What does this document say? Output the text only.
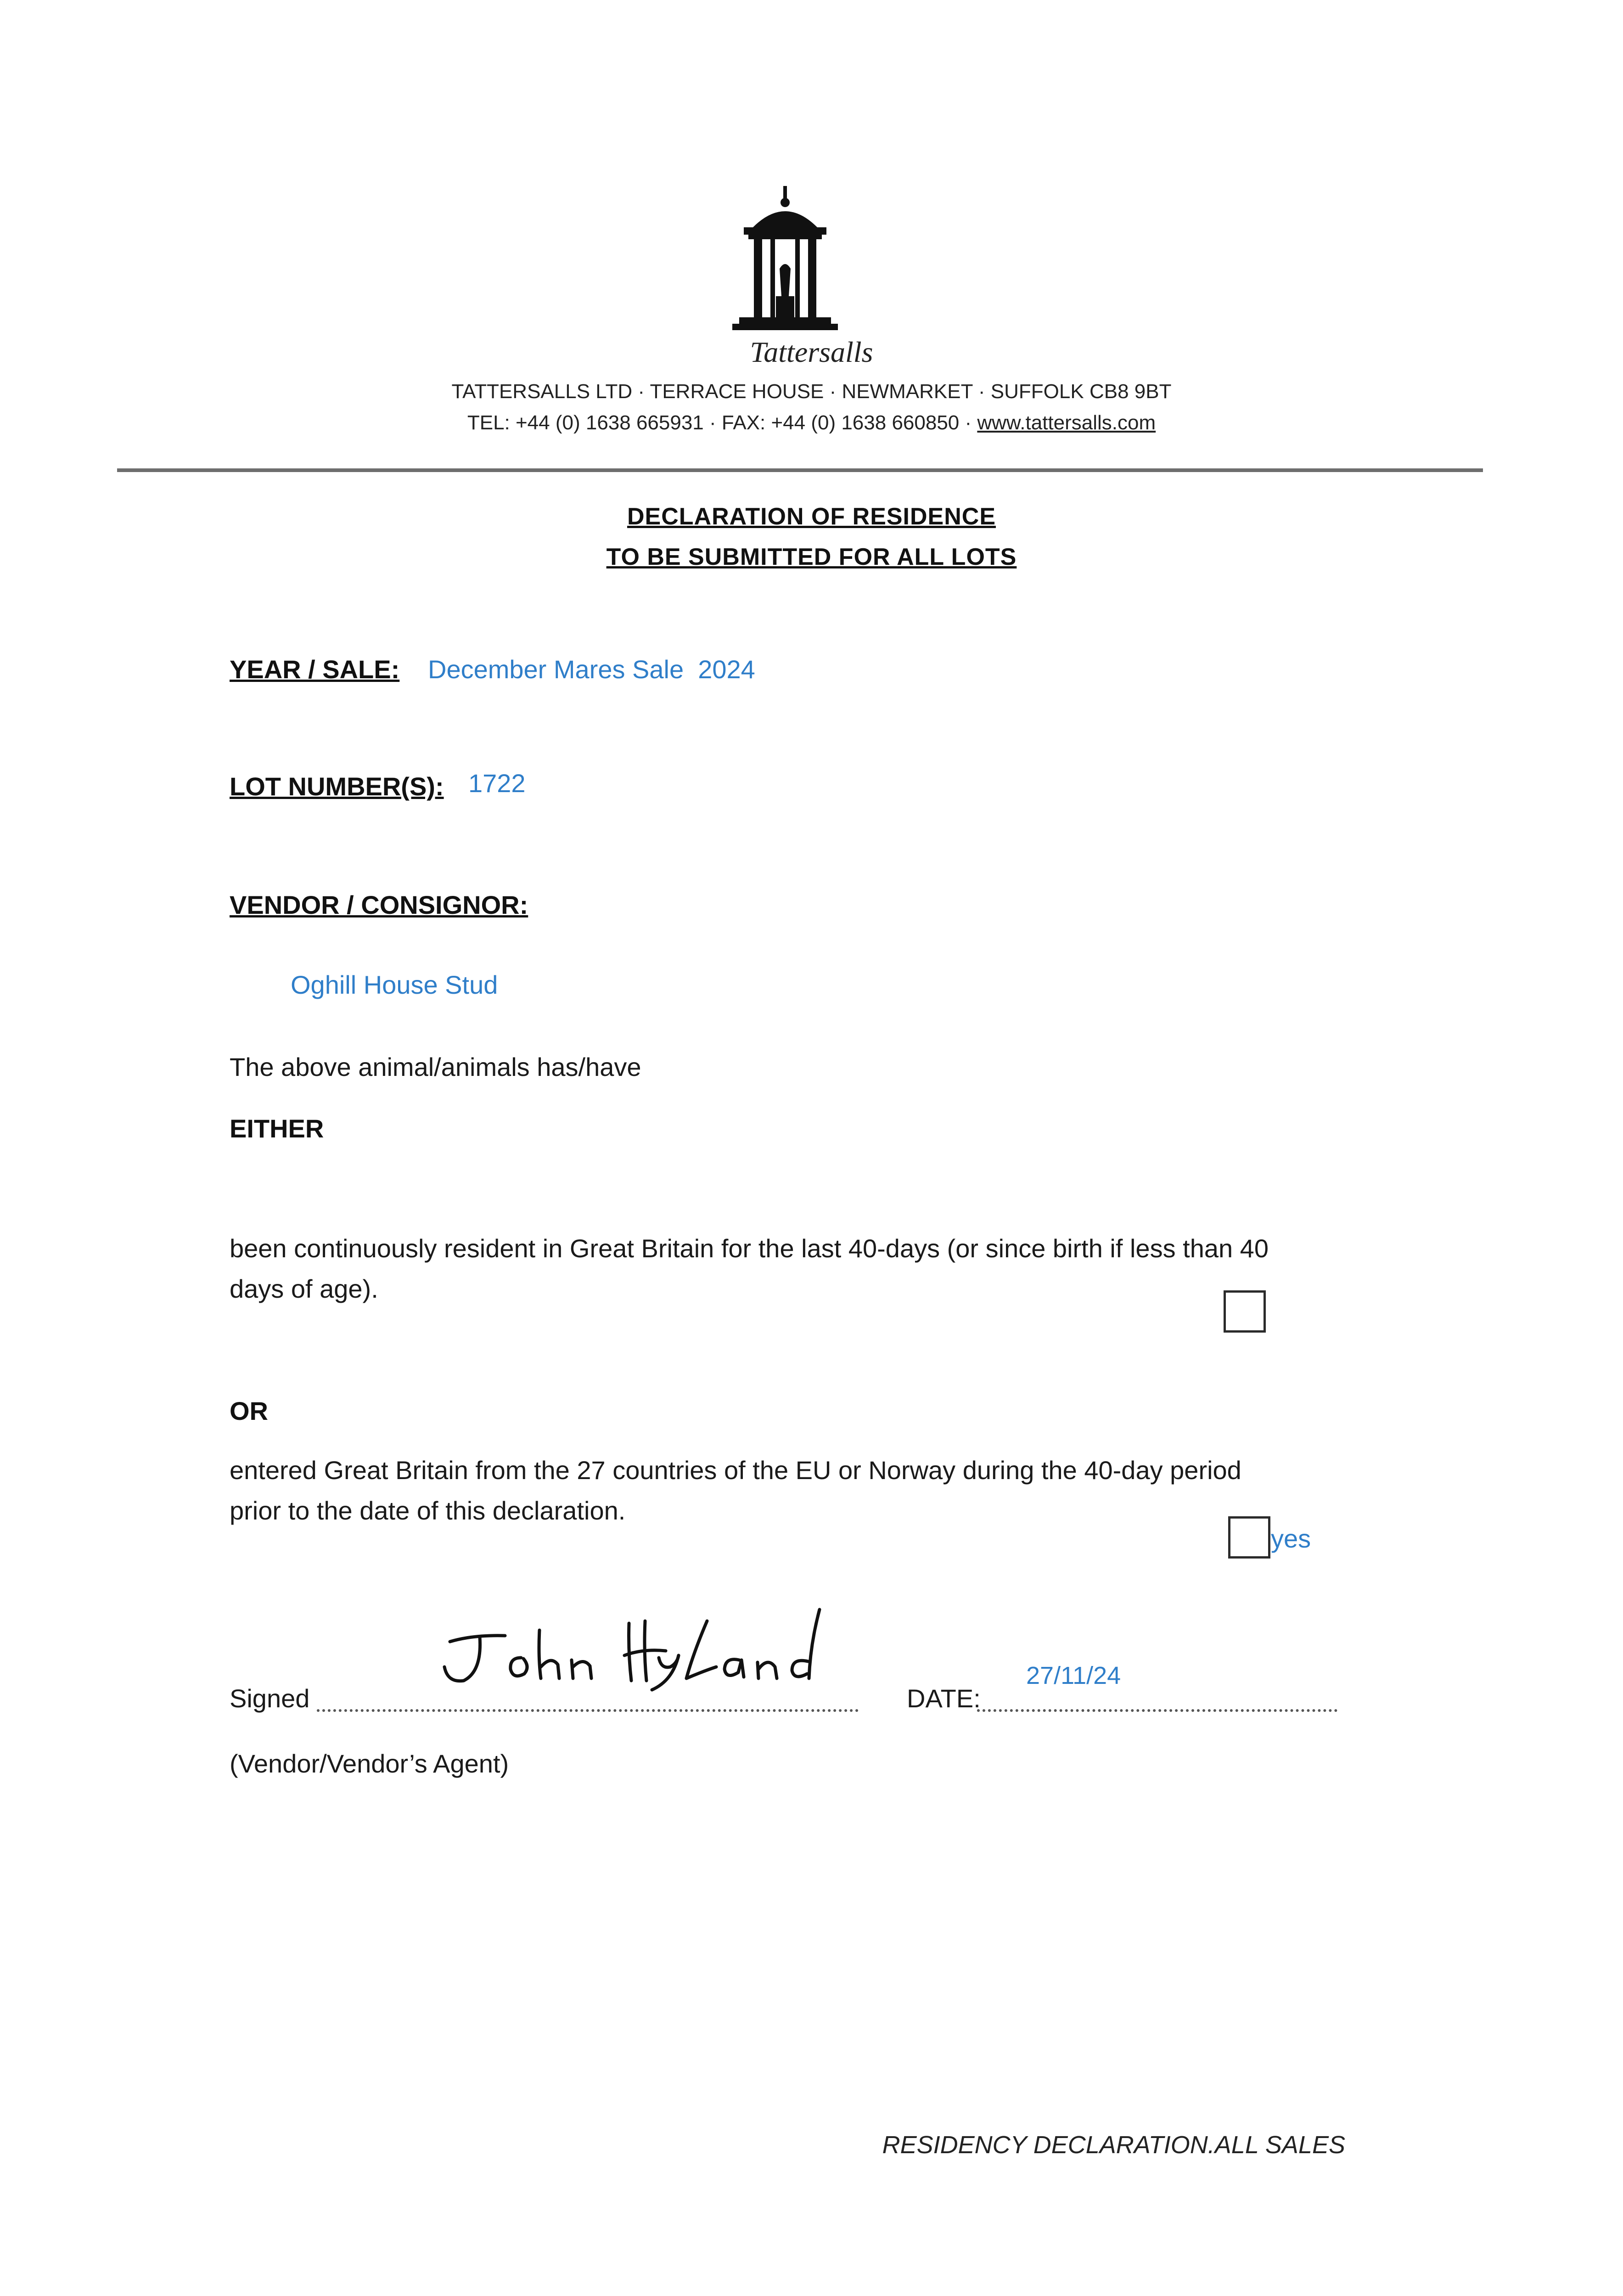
Tattersalls
TATTERSALLS LTD · TERRACE HOUSE · NEWMARKET · SUFFOLK CB8 9BT
TEL: +44 (0) 1638 665931 · FAX: +44 (0) 1638 660850 · www.tattersalls.com
DECLARATION OF RESIDENCE
TO BE SUBMITTED FOR ALL LOTS
YEAR / SALE: December Mares Sale  2024
LOT NUMBER(S): 1722
VENDOR / CONSIGNOR:
Oghill House Stud
The above animal/animals has/have
EITHER
been continuously resident in Great Britain for the last 40-days (or since birth if less than 40
days of age).
OR
entered Great Britain from the 27 countries of the EU or Norway during the 40-day period
prior to the date of this declaration.
yes
Signed	DATE:
27/11/24
(Vendor/Vendor’s Agent)
RESIDENCY DECLARATION.ALL SALES
